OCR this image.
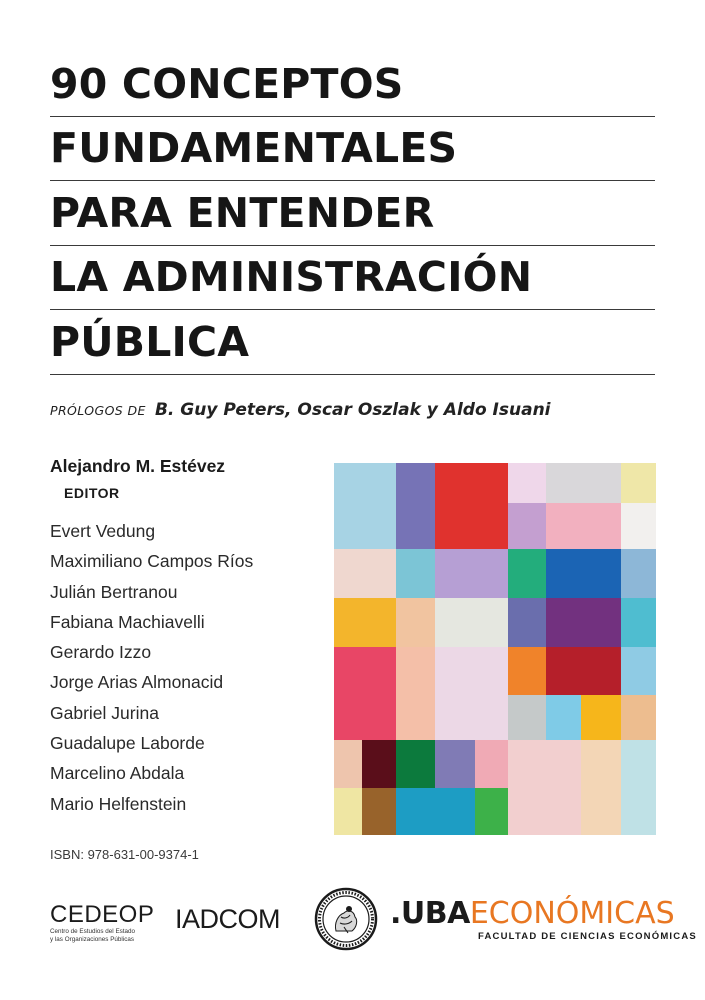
90 CONCEPTOS
FUNDAMENTALES
PARA ENTENDER
LA ADMINISTRACIÓN
PÚBLICA
PRÓLOGOS DE B. Guy Peters, Oscar Oszlak y Aldo Isuani
Alejandro M. Estévez
EDITOR
Evert Vedung
Maximiliano Campos Ríos
Julián Bertranou
Fabiana Machiavelli
Gerardo Izzo
Jorge Arias Almonacid
Gabriel Jurina
Guadalupe Laborde
Marcelino Abdala
Mario Helfenstein
ISBN: 978-631-00-9374-1
CEDEOP
Centro de Estudios del Estado
y las Organizaciones Públicas
IADCOM	.UBAECONÓMICAS
FACULTAD DE CIENCIAS ECONÓMICAS
